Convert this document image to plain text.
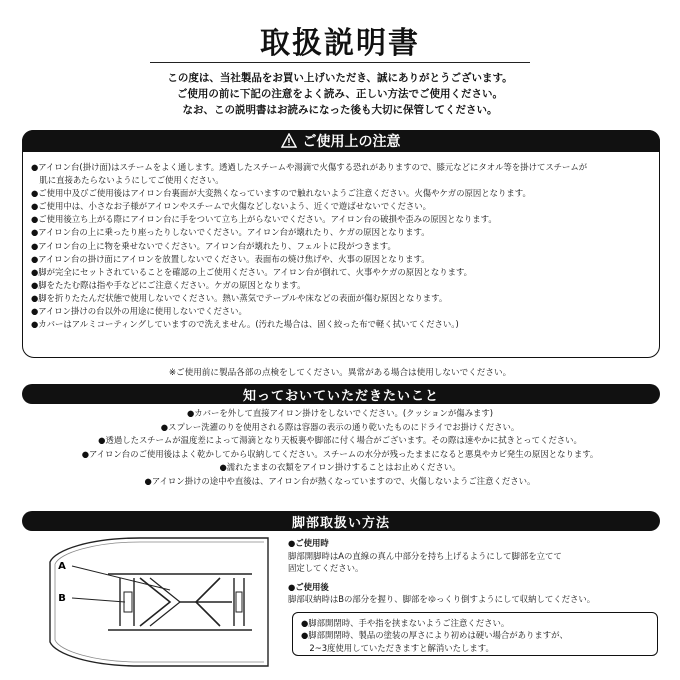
取扱説明書
この度は、当社製品をお買い上げいただき、誠にありがとうございます。
ご使用の前に下記の注意をよく読み、正しい方法でご使用ください。
なお、この説明書はお読みになった後も大切に保管してください。
ご使用上の注意
●アイロン台(掛け面)はスチームをよく通します。透過したスチームや湯滴で火傷する恐れがありますので、膝元などにタオル等を掛けてスチームが
　肌に直接あたらないようにしてご使用ください。
●ご使用中及びご使用後はアイロン台裏面が大変熱くなっていますので触れないようご注意ください。火傷やケガの原因となります。
●ご使用中は、小さなお子様がアイロンやスチームで火傷などしないよう、近くで遊ばせないでください。
●ご使用後立ち上がる際にアイロン台に手をついて立ち上がらないでください。アイロン台の破損や歪みの原因となります。
●アイロン台の上に乗ったり座ったりしないでください。アイロン台が壊れたり、ケガの原因となります。
●アイロン台の上に物を乗せないでください。アイロン台が壊れたり、フェルトに段がつきます。
●アイロン台の掛け面にアイロンを放置しないでください。表面布の焼け焦げや、火事の原因となります。
●脚が完全にセットされていることを確認の上ご使用ください。アイロン台が倒れて、火事やケガの原因となります。
●脚をたたむ際は指や手などにご注意ください。ケガの原因となります。
●脚を折りたたんだ状態で使用しないでください。熱い蒸気でテーブルや床などの表面が傷む原因となります。
●アイロン掛けの台以外の用途に使用しないでください。
●カバーはアルミコーティングしていますので洗えません。(汚れた場合は、固く絞った布で軽く拭いてください。)
※ご使用前に製品各部の点検をしてください。異常がある場合は使用しないでください。
知っておいていただきたいこと
●カバーを外して直接アイロン掛けをしないでください。(クッションが傷みます)
●スプレー洗濯のりを使用される際は容器の表示の通り乾いたものにドライでお掛けください。
●透過したスチームが温度差によって湯滴となり天板裏や脚部に付く場合がございます。その際は速やかに拭きとってください。
●アイロン台のご使用後はよく乾かしてから収納してください。スチームの水分が残ったままになると悪臭やカビ発生の原因となります。
●濡れたままの衣類をアイロン掛けすることはお止めください。
●アイロン掛けの途中や直後は、アイロン台が熱くなっていますので、火傷しないようご注意ください。
脚部取扱い方法
A
B
●ご使用時
脚部開脚時はAの直線の真ん中部分を持ち上げるようにして脚部を立てて
固定してください。
●ご使用後
脚部収納時はBの部分を握り、脚部をゆっくり倒すようにして収納してください。
●脚部開閉時、手や指を挟まないようご注意ください。
●脚部開閉時、製品の塗装の厚さにより初めは硬い場合がありますが、
　2~3度使用していただきますと解消いたします。
